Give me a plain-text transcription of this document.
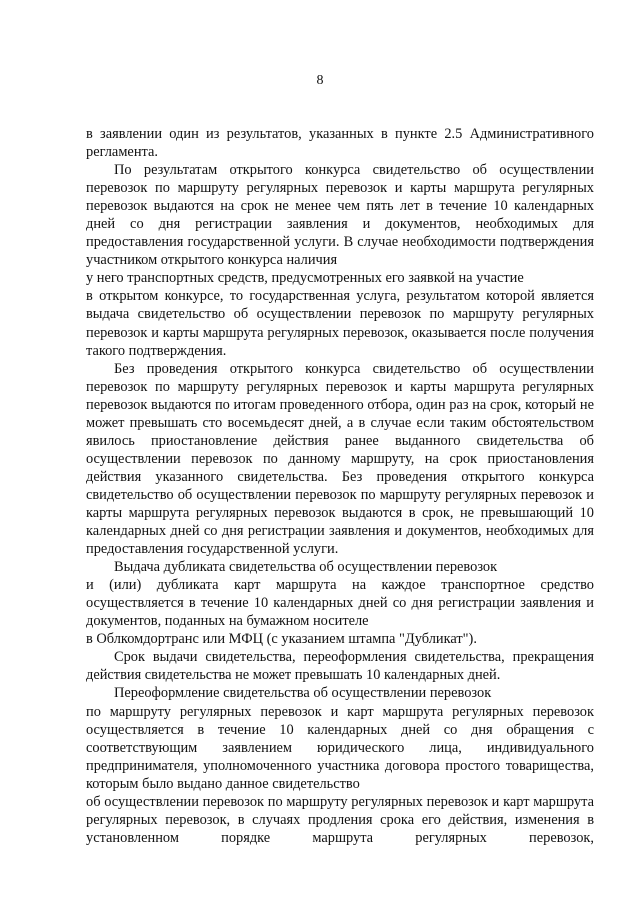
8

в заявлении один из результатов, указанных в пункте 2.5 Административного регламента.

По результатам открытого конкурса свидетельство об осуществлении перевозок по маршруту регулярных перевозок и карты маршрута регулярных перевозок выдаются на срок не менее чем пять лет в течение 10 календарных дней со дня регистрации заявления и документов, необходимых для предоставления государственной услуги. В случае необходимости подтверждения участником открытого конкурса наличия

у него транспортных средств, предусмотренных его заявкой на участие

в открытом конкурсе, то государственная услуга, результатом которой является выдача свидетельство об осуществлении перевозок по маршруту регулярных перевозок и карты маршрута регулярных перевозок, оказывается после получения такого подтверждения.

Без проведения открытого конкурса свидетельство об осуществлении перевозок по маршруту регулярных перевозок и карты маршрута регулярных перевозок выдаются по итогам проведенного отбора, один раз на срок, который не может превышать сто восемьдесят дней, а в случае если таким обстоятельством явилось приостановление действия ранее выданного свидетельства об осуществлении перевозок по данному маршруту, на срок приостановления действия указанного свидетельства. Без проведения открытого конкурса свидетельство об осуществлении перевозок по маршруту регулярных перевозок и карты маршрута регулярных перевозок выдаются в срок, не превышающий 10 календарных дней со дня регистрации заявления и документов, необходимых для предоставления государственной услуги.

Выдача дубликата свидетельства об осуществлении перевозок

и (или) дубликата карт маршрута на каждое транспортное средство осуществляется в течение 10 календарных дней со дня регистрации заявления и документов, поданных на бумажном носителе

в Облкомдортранс или МФЦ (с указанием штампа "Дубликат").

Срок выдачи свидетельства, переоформления свидетельства, прекращения действия свидетельства не может превышать 10 календарных дней.

Переоформление свидетельства об осуществлении перевозок

по маршруту регулярных перевозок и карт маршрута регулярных перевозок осуществляется в течение 10 календарных дней со дня обращения с соответствующим заявлением юридического лица, индивидуального предпринимателя, уполномоченного участника договора простого товарищества, которым было выдано данное свидетельство

об осуществлении перевозок по маршруту регулярных перевозок и карт маршрута регулярных перевозок, в случаях продления срока его действия, изменения в установленном порядке маршрута регулярных перевозок,
